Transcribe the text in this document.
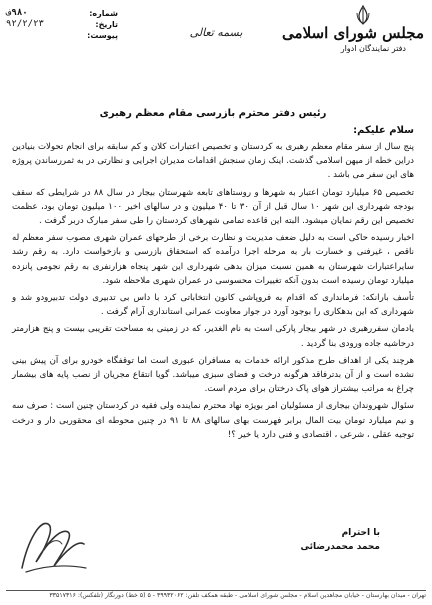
شماره:
۹۸۰ف
تاریخ:
۹۲/۲/۲۳
پیوست:	بسمه تعالی	مجلس شورای اسلامی
دفتر نمایندگان ادوار
رئیس دفتر محترم بازرسی مقام معظم رهبری
سلام علیکم:

پنج سال از سفر مقام معظم رهبری به کردستان و تخصیص اعتبارات کلان و کم سابقه برای انجام تحولات بنیادین دراین خطه از میهن اسلامی گذشت. اینک زمان سنجش اقدامات مدیران اجرایی و نظارتی در به ثمررساندن پروژه های این سفر می باشد .

تخصیص ۶۵ میلیارد تومان اعتبار به شهرها و روستاهای تابعه شهرستان بیجار در سال ۸۸ در شرایطی که سقف بودجه شهرداری این شهر ۱۰ سال قبل از آن ۳۰ تا ۴۰ میلیون و در سالهای اخیر ۱۰۰ میلیون تومان بود، عظمت تخصیص این رقم نمایان میشود. البته این قاعده تمامی شهرهای کردستان را طی سفر مبارک دربر گرفت .

اخبار رسیده حاکی است به دلیل ضعف مدیریت و نظارت برخی از طرحهای عمران شهری مصوب سفر معظم له ناقص ، غیرفنی و خسارت بار به مرحله اجرا درآمده که استحقاق بازرسی و بازخواست دارد. به رقم رشد سایراعتبارات شهرستان به همین نسبت میزان بدهی شهرداری این شهر پنجاه هزارنفری به رقم نجومی پانزده میلیارد تومان رسیده است بدون آنکه تغییرات محسوسی در عمران شهری ملاحظه شود.

تأسف بارانکه: فرمانداری که اقدام به فروپاشی کانون انتخاباتی کرد با داس بی تدبیری دولت تدبیرودو شد و شهرداری که این بدهکاری را بوجود آورد در جوار معاونت عمرانی استانداری آرام گرفت .

یادمان سفررهبری در شهر بیجار پارکی است به نام الغدیر، که در زمینی به مساحت تقریبی بیست و پنج هزارمتر درحاشیه جاده ورودی بنا گردید .

هرچند یکی از اهداف طرح مذکور ارائه خدمات به مسافران عبوری است اما توقفگاه خودرو برای آن پیش بینی نشده است و از آن بدترفاقد هرگونه درخت و فضای سبزی میباشد. گویا انتقاع مجریان از نصب پایه های بیشمار چراغ به مراتب بیشتراز هوای پاک درختان برای مردم است.

سئوال شهروندان بیجاری از مسئولیان امر بویژه نهاد محترم نماینده ولی فقیه در کردستان چنین است : صرف سه و نیم میلیارد تومان بیت المال برابر فهرست بهای سالهای ۸۸ تا ۹۱ در چنین محوطه ای محقوربی دار و درخت توجیه عقلی ، شرعی ، اقتصادی و فنی دارد یا خیر ؟!

با احترام
محمد محمدرضائی
تهران - میدان بهارستان - خیابان مجاهدین اسلام - مجلس شورای اسلامی - طبقه همکف تلفن: ۳۹۹۳۲۰۶۲ - ۵ (۵ خط) دورنگار (تلفکس): ۳۳۵۱۷۳۱۶
